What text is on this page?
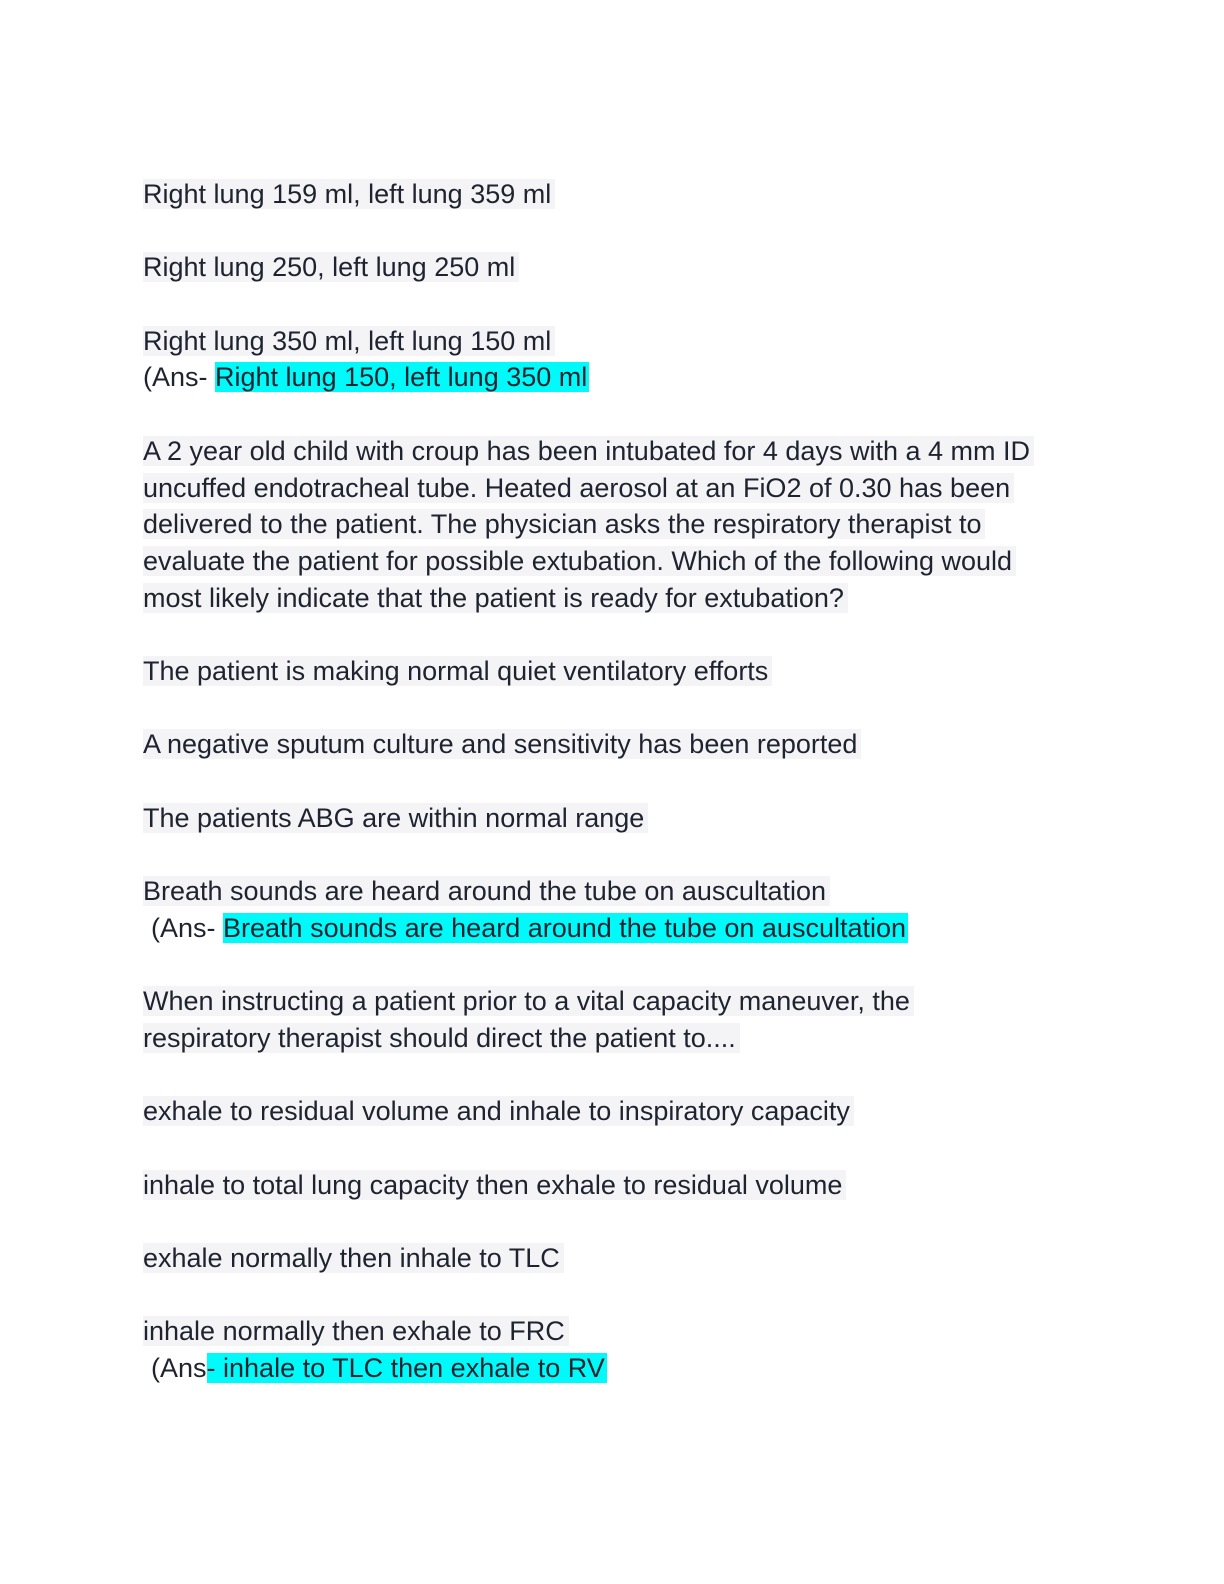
Right lung 159 ml, left lung 359 ml
Right lung 250, left lung 250 ml
Right lung 350 ml, left lung 150 ml
(Ans- Right lung 150, left lung 350 ml
A 2 year old child with croup has been intubated for 4 days with a 4 mm ID
uncuffed endotracheal tube. Heated aerosol at an FiO2 of 0.30 has been
delivered to the patient. The physician asks the respiratory therapist to
evaluate the patient for possible extubation. Which of the following would
most likely indicate that the patient is ready for extubation?
The patient is making normal quiet ventilatory efforts
A negative sputum culture and sensitivity has been reported
The patients ABG are within normal range
Breath sounds are heard around the tube on auscultation
(Ans- Breath sounds are heard around the tube on auscultation
When instructing a patient prior to a vital capacity maneuver, the
respiratory therapist should direct the patient to....
exhale to residual volume and inhale to inspiratory capacity
inhale to total lung capacity then exhale to residual volume
exhale normally then inhale to TLC
inhale normally then exhale to FRC
(Ans- inhale to TLC then exhale to RV
